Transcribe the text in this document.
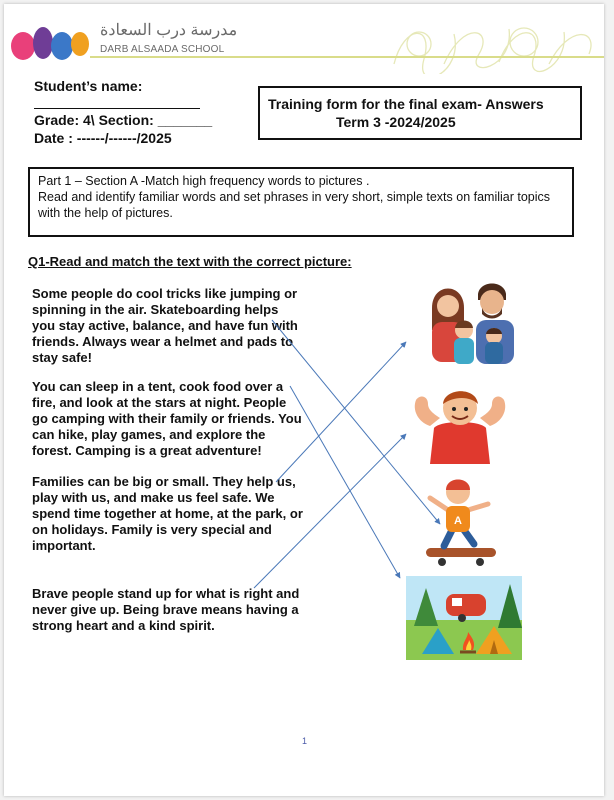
مدرسة درب السعادة
DARB ALSAADA SCHOOL
Student’s name:
Grade: 4\ Section: _______
Date : ------/------/2025
Training form for the final exam- Answers
Term 3 -2024/2025
Part 1 – Section A -Match high frequency words to pictures .
Read and identify familiar words and set phrases in very short, simple texts on familiar topics with the help of pictures.
Q1-Read and match the text with the correct picture:
Some people do cool tricks like jumping or spinning in the air. Skateboarding helps you stay active, balance, and have fun with friends. Always wear a helmet and pads to stay safe!
You can sleep in a tent, cook food over a fire, and look at the stars at night. People go camping with their family or friends. You can hike, play games, and explore the forest. Camping is a great adventure!
Families can be big or small. They help us, play with us, and make us feel safe. We spend time together at home, at the park, or on holidays. Family is very special and important.
Brave people stand up for what is right and never give up. Being brave means having a strong heart and a kind spirit.
A
1
